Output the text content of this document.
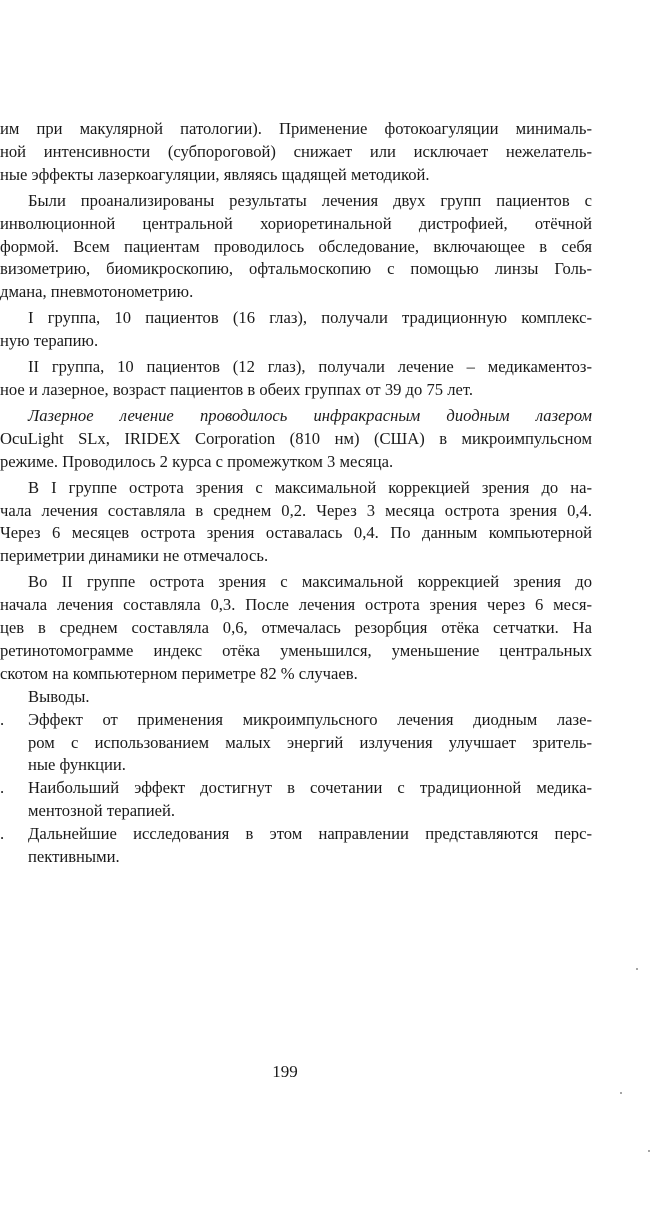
им при макулярной патологии). Применение фотокоагуляции минималь-
ной интенсивности (субпороговой) снижает или исключает нежелатель-
ные эффекты лазеркоагуляции, являясь щадящей методикой.
Были проанализированы результаты лечения двух групп пациентов с
инволюционной центральной хориоретинальной дистрофией, отёчной
формой. Всем пациентам проводилось обследование, включающее в себя
визометрию, биомикроскопию, офтальмоскопию с помощью линзы Голь-
дмана, пневмотонометрию.
I группа, 10 пациентов (16 глаз), получали традиционную комплекс-
ную терапию.
II группа, 10 пациентов (12 глаз), получали лечение – медикаментоз-
ное и лазерное, возраст пациентов в обеих группах от 39 до 75 лет.
Лазерное лечение проводилось инфракрасным диодным лазером
OcuLight SLx, IRIDEX Corporation (810 нм) (США) в микроимпульсном
режиме. Проводилось 2 курса с промежутком 3 месяца.
В I группе острота зрения с максимальной коррекцией зрения до на-
чала лечения составляла в среднем 0,2. Через 3 месяца острота зрения 0,4.
Через 6 месяцев острота зрения оставалась 0,4. По данным компьютерной
периметрии динамики не отмечалось.
Во II группе острота зрения с максимальной коррекцией зрения до
начала лечения составляла 0,3. После лечения острота зрения через 6 меся-
цев в среднем составляла 0,6, отмечалась резорбция отёка сетчатки. На
ретинотомограмме индекс отёка уменьшился, уменьшение центральных
скотом на компьютерном периметре 82 % случаев.
Выводы.
. Эффект от применения микроимпульсного лечения диодным лазе-
ром с использованием малых энергий излучения улучшает зритель-
ные функции.
. Наибольший эффект достигнут в сочетании с традиционной медика-
ментозной терапией.
. Дальнейшие исследования в этом направлении представляются перс-
пективными.
199
